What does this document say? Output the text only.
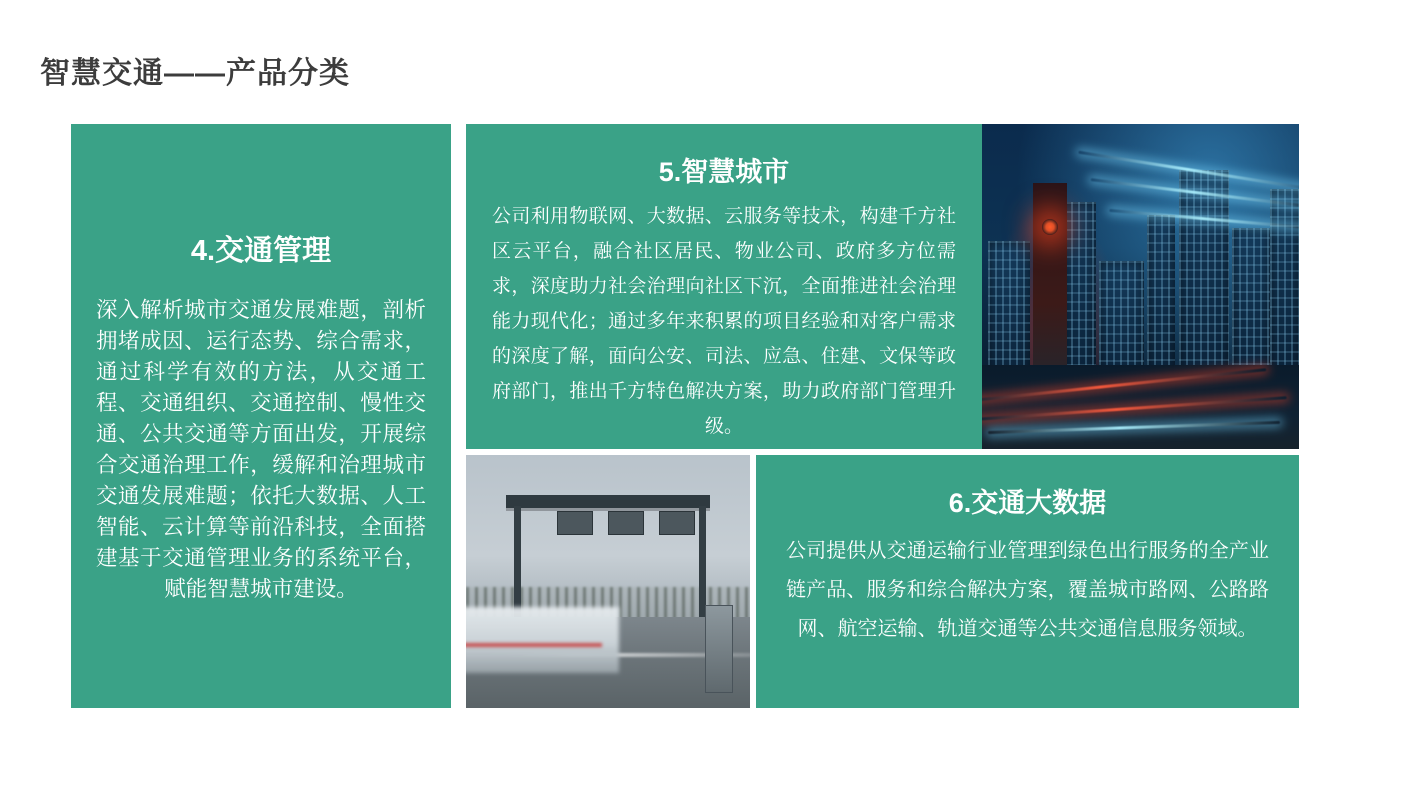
智慧交通——产品分类
4.交通管理
深入解析城市交通发展难题，剖析拥堵成因、运行态势、综合需求，通过科学有效的方法，从交通工程、交通组织、交通控制、慢性交通、公共交通等方面出发，开展综合交通治理工作，缓解和治理城市交通发展难题；依托大数据、人工智能、云计算等前沿科技，全面搭建基于交通管理业务的系统平台，赋能智慧城市建设。
5.智慧城市
公司利用物联网、大数据、云服务等技术，构建千方社区云平台，融合社区居民、物业公司、政府多方位需求，深度助力社会治理向社区下沉，全面推进社会治理能力现代化；通过多年来积累的项目经验和对客户需求的深度了解，面向公安、司法、应急、住建、文保等政府部门，推出千方特色解决方案，助力政府部门管理升级。
6.交通大数据
公司提供从交通运输行业管理到绿色出行服务的全产业链产品、服务和综合解决方案，覆盖城市路网、公路路网、航空运输、轨道交通等公共交通信息服务领域。
